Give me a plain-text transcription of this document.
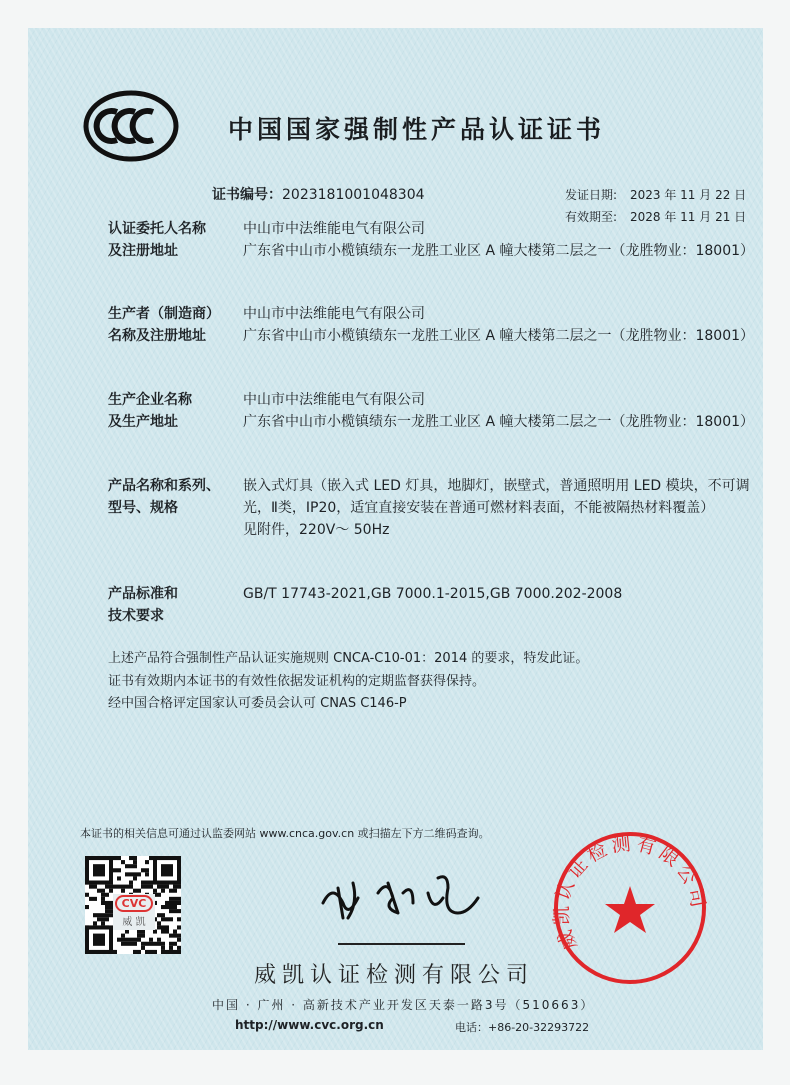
中国国家强制性产品认证证书
证书编号：2023181001048304	发证日期: 2023 年 11 月 22 日
有效期至: 2028 年 11 月 21 日
认证委托人名称
及注册地址
中山市中法维能电气有限公司
广东省中山市小榄镇绩东一龙胜工业区 A 幢大楼第二层之一（龙胜物业：18001）
生产者（制造商）
名称及注册地址
中山市中法维能电气有限公司
广东省中山市小榄镇绩东一龙胜工业区 A 幢大楼第二层之一（龙胜物业：18001）
生产企业名称
及生产地址
中山市中法维能电气有限公司
广东省中山市小榄镇绩东一龙胜工业区 A 幢大楼第二层之一（龙胜物业：18001）
产品名称和系列、
型号、规格
嵌入式灯具（嵌入式 LED 灯具，地脚灯，嵌壁式，普通照明用 LED 模块，不可调光，Ⅱ类，IP20，适宜直接安装在普通可燃材料表面，不能被隔热材料覆盖）
见附件，220V～ 50Hz
产品标准和
技术要求
GB/T 17743-2021,GB 7000.1-2015,GB 7000.202-2008
上述产品符合强制性产品认证实施规则 CNCA-C10-01：2014 的要求，特发此证。
证书有效期内本证书的有效性依据发证机构的定期监督获得保持。
经中国合格评定国家认可委员会认可 CNAS C146-P
本证书的相关信息可通过认监委网站 www.cnca.gov.cn 或扫描左下方二维码查询。
CVC
威 凯
威凯认证检测有限公司
中国 · 广州 · 高新技术产业开发区天泰一路3号（510663）
http://www.cvc.org.cn	电话：+86-20-32293722
威凯认证检测有限公司
